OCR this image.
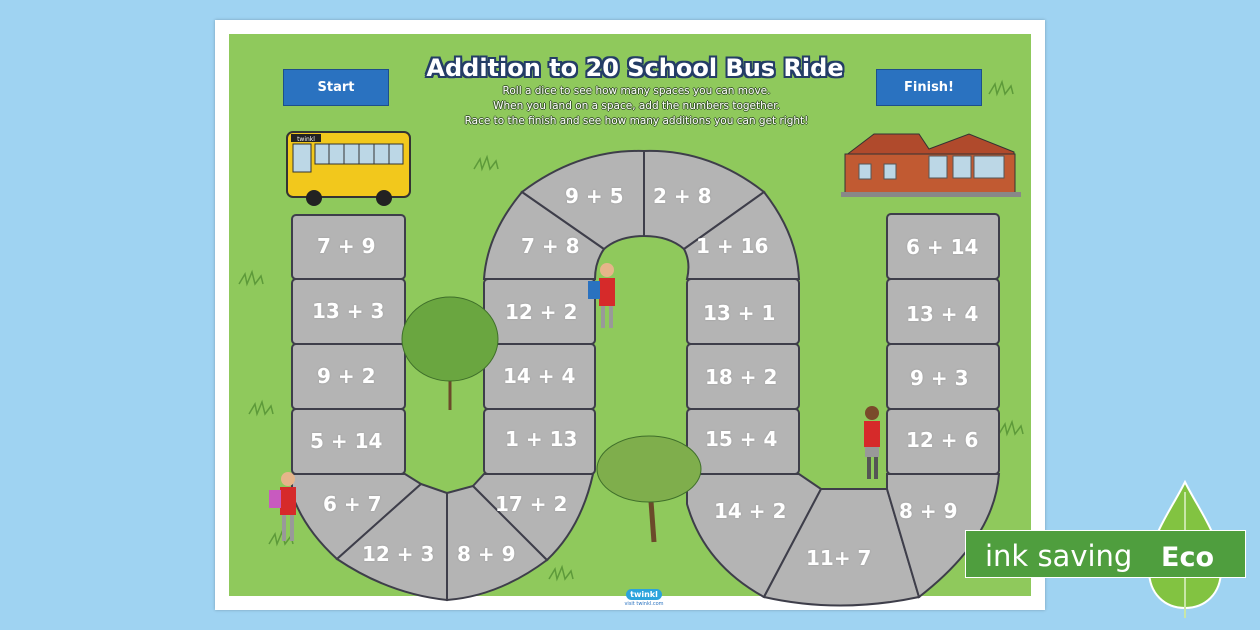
twinkl
Addition to 20 School Bus Ride
Roll a dice to see how many spaces you can move.
When you land on a space, add the numbers together.
Race to the finish and see how many additions you can get right!
Start	Finish!
7 + 9
13 + 3
9 + 2
5 + 14
6 + 7
12 + 3 8 + 9
17 + 2
1 + 13
14 + 4
12 + 2
7 + 8
9 + 5 2 + 8
1 + 16
13 + 1
18 + 2
15 + 4
14 + 2
11+ 7
8 + 9
12 + 6
9 + 3
13 + 4
6 + 14
twinkl
visit twinkl.com
ink saving Eco
